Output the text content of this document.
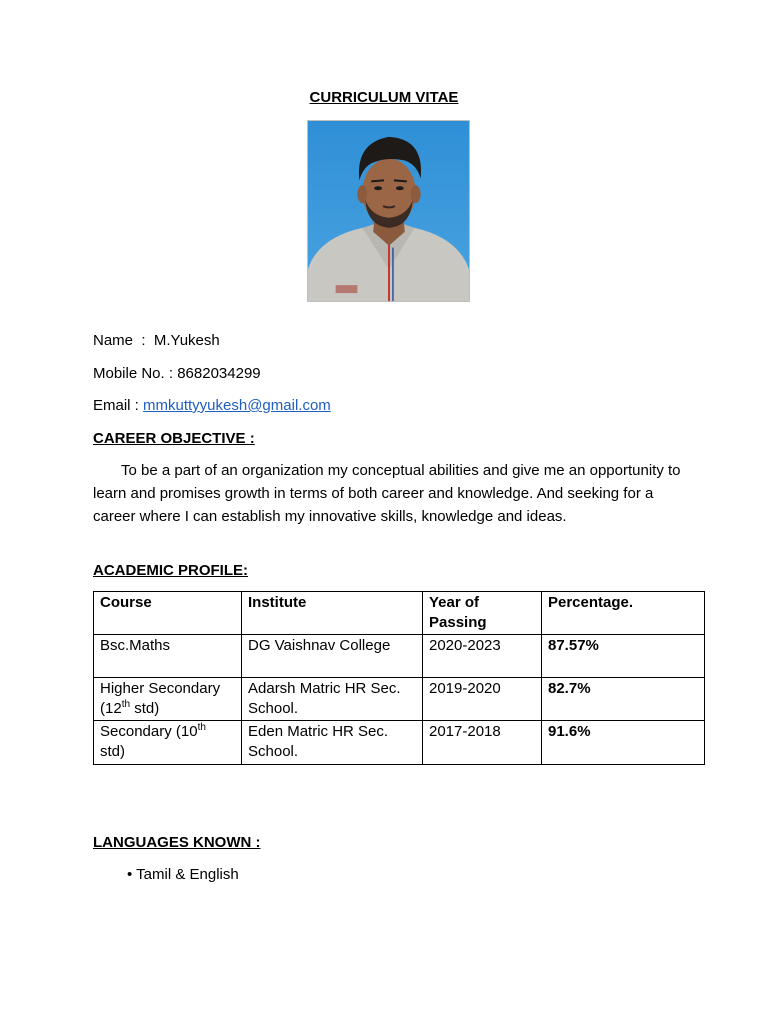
CURRICULUM VITAE
Name  :  M.Yukesh
Mobile No. : 8682034299
Email : mmkuttyyukesh@gmail.com
CAREER OBJECTIVE :
To be a part of an organization my conceptual abilities and give me an opportunity to learn and promises growth in terms of both career and knowledge. And seeking for a career where I can establish my innovative skills, knowledge and ideas.
ACADEMIC PROFILE:
Course	Institute	Year of Passing	Percentage.
Bsc.Maths	DG Vaishnav College	2020-2023	87.57%
Higher Secondary (12th std)	Adarsh Matric HR Sec. School.	2019-2020	82.7%
Secondary (10th std)	Eden Matric HR Sec. School.	2017-2018	91.6%
LANGUAGES KNOWN :
• Tamil & English
